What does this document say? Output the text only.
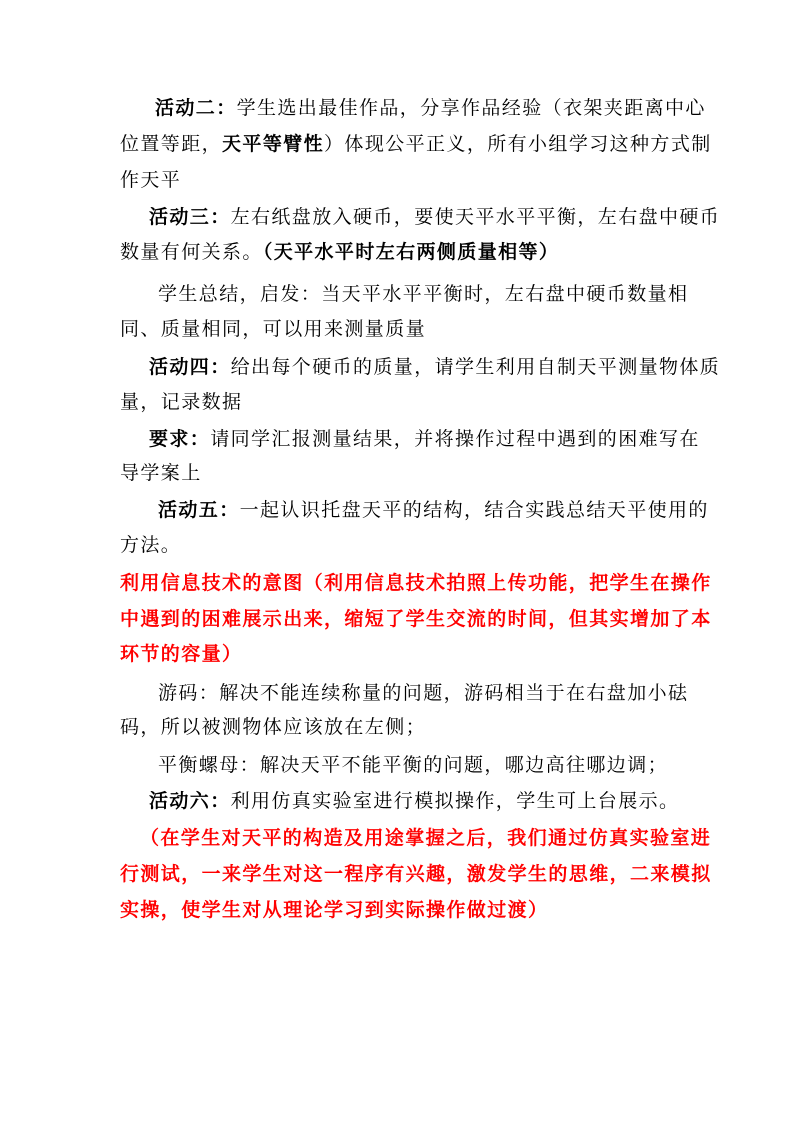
活动二：学生选出最佳作品，分享作品经验（衣架夹距离中心
位置等距，天平等臂性）体现公平正义，所有小组学习这种方式制
作天平
活动三：左右纸盘放入硬币，要使天平水平平衡，左右盘中硬币
数量有何关系。（天平水平时左右两侧质量相等）
学生总结，启发：当天平水平平衡时，左右盘中硬币数量相
同、质量相同，可以用来测量质量
活动四：给出每个硬币的质量，请学生利用自制天平测量物体质
量，记录数据
要求：请同学汇报测量结果，并将操作过程中遇到的困难写在
导学案上
活动五：一起认识托盘天平的结构，结合实践总结天平使用的
方法。
利用信息技术的意图（利用信息技术拍照上传功能，把学生在操作
中遇到的困难展示出来，缩短了学生交流的时间，但其实增加了本
环节的容量）
游码：解决不能连续称量的问题，游码相当于在右盘加小砝
码，所以被测物体应该放在左侧；
平衡螺母：解决天平不能平衡的问题，哪边高往哪边调；
活动六：利用仿真实验室进行模拟操作，学生可上台展示。
（在学生对天平的构造及用途掌握之后，我们通过仿真实验室进
行测试，一来学生对这一程序有兴趣，激发学生的思维，二来模拟
实操，使学生对从理论学习到实际操作做过渡）
